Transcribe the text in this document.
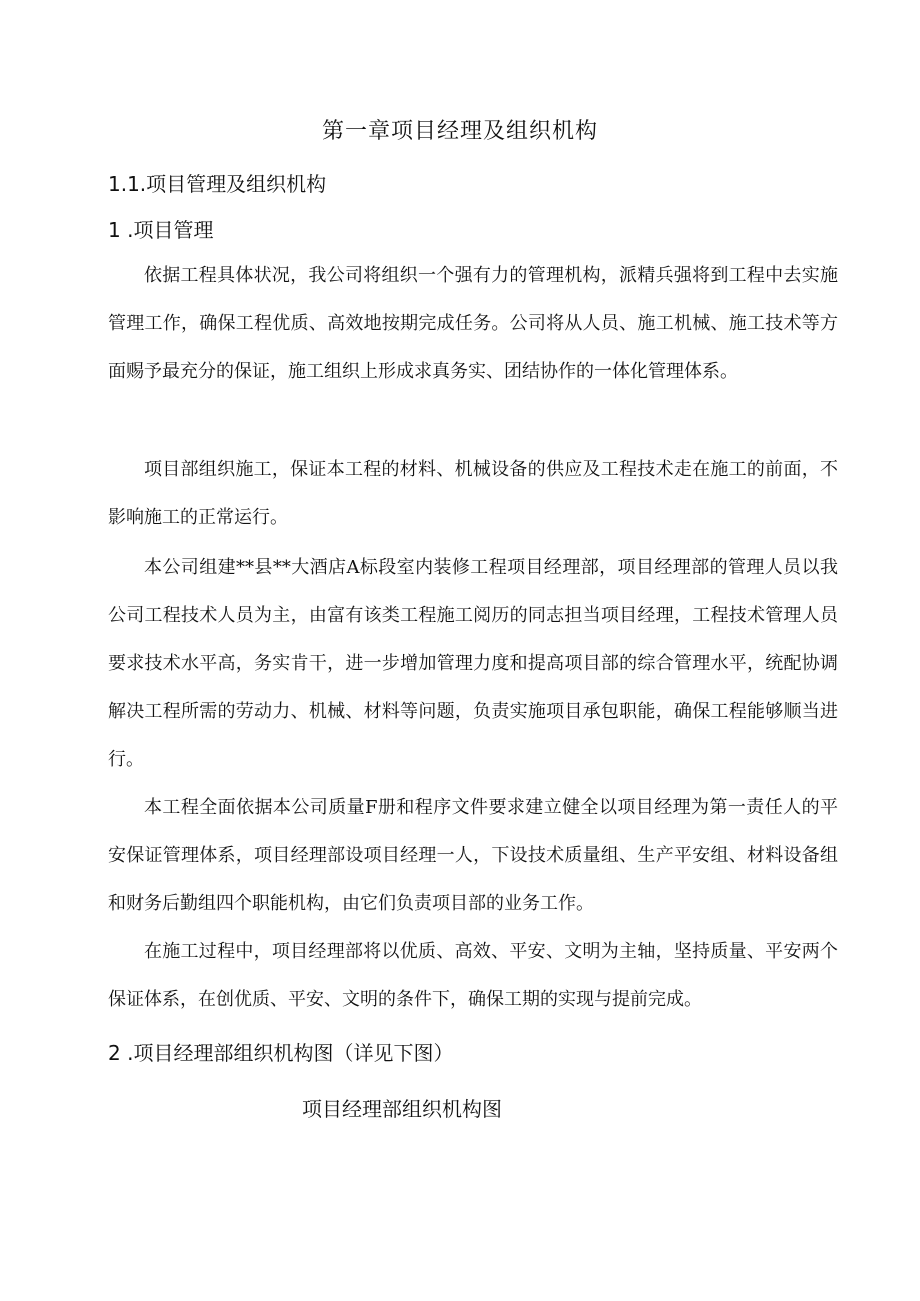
第一章项目经理及组织机构
1.1.项目管理及组织机构
1 .项目管理

依据工程具体状况，我公司将组织一个强有力的管理机构，派精兵强将到工程中去实施管理工作，确保工程优质、高效地按期完成任务。公司将从人员、施工机械、施工技术等方面赐予最充分的保证，施工组织上形成求真务实、团结协作的一体化管理体系。

项目部组织施工，保证本工程的材料、机械设备的供应及工程技术走在施工的前面，不影响施工的正常运行。

本公司组建**县**大酒店A标段室内装修工程项目经理部，项目经理部的管理人员以我公司工程技术人员为主，由富有该类工程施工阅历的同志担当项目经理，工程技术管理人员要求技术水平高，务实肯干，进一步增加管理力度和提高项目部的综合管理水平，统配协调解决工程所需的劳动力、机械、材料等问题，负责实施项目承包职能，确保工程能够顺当进行。

本工程全面依据本公司质量F册和程序文件要求建立健全以项目经理为第一责任人的平安保证管理体系，项目经理部设项目经理一人，下设技术质量组、生产平安组、材料设备组和财务后勤组四个职能机构，由它们负责项目部的业务工作。

在施工过程中，项目经理部将以优质、高效、平安、文明为主轴，坚持质量、平安两个保证体系，在创优质、平安、文明的条件下，确保工期的实现与提前完成。

2 .项目经理部组织机构图（详见下图）
项目经理部组织机构图
